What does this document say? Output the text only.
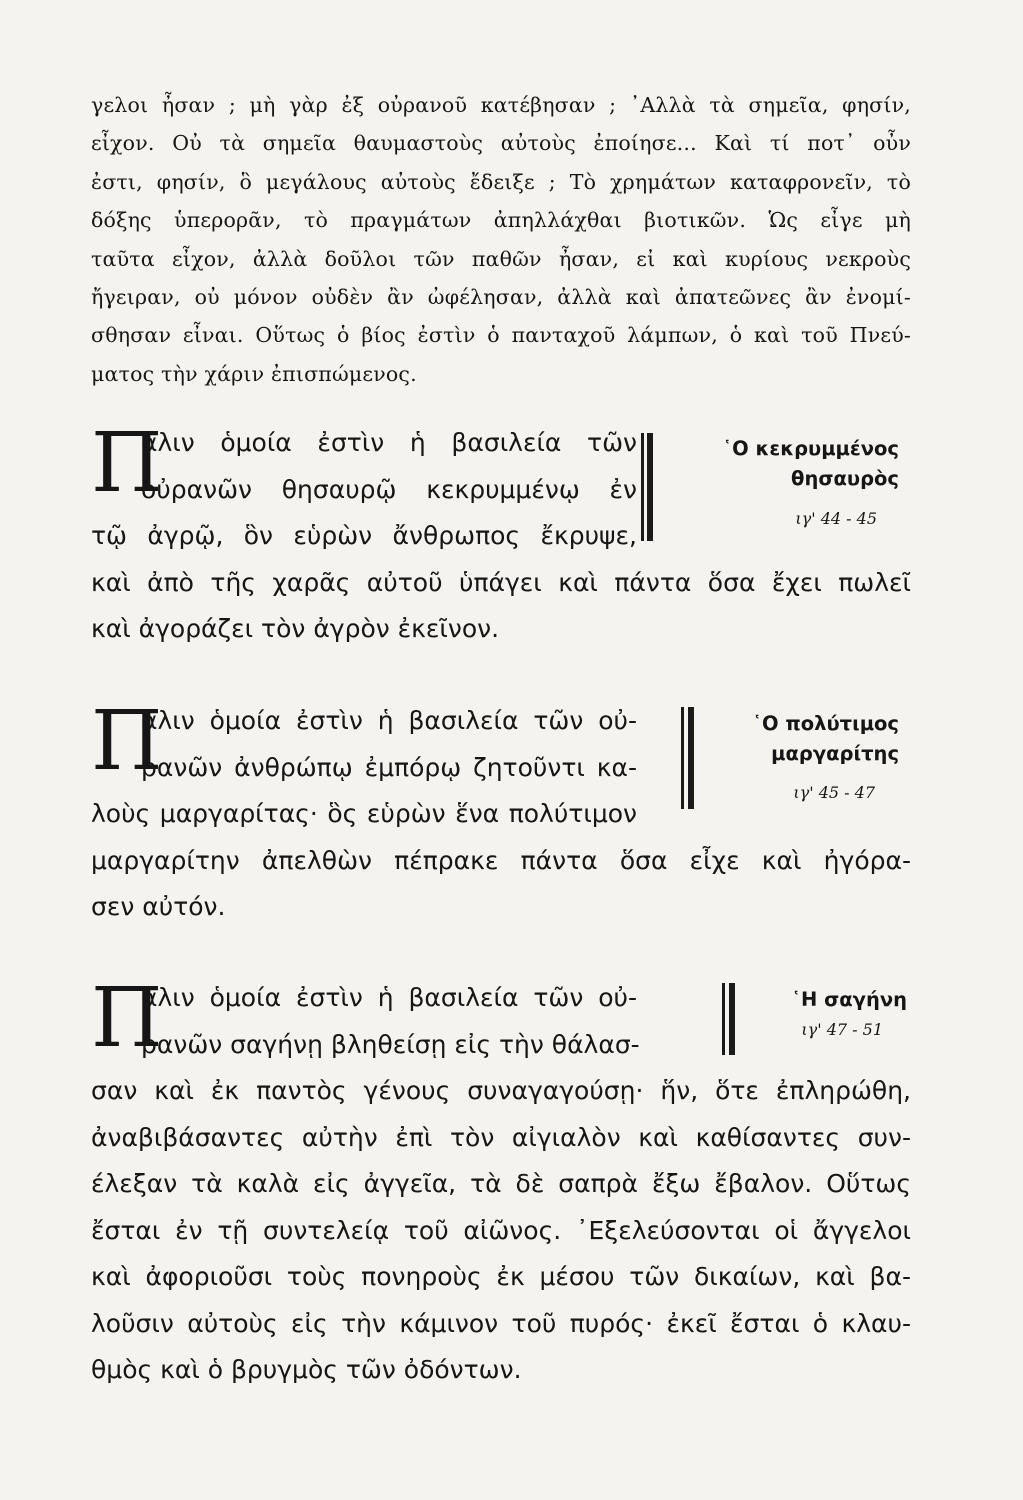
γελοι ἦσαν ; μὴ γὰρ ἐξ οὐρανοῦ κατέβησαν ; ᾿Αλλὰ τὰ σημεῖα, φησίν,
εἶχον. Οὐ τὰ σημεῖα θαυμαστοὺς αὐτοὺς ἐποίησε... Καὶ τί ποτ᾿ οὖν
ἐστι, φησίν, ὃ μεγάλους αὐτοὺς ἔδειξε ; Τὸ χρημάτων καταφρονεῖν, τὸ
δόξης ὑπερορᾶν, τὸ πραγμάτων ἀπηλλάχθαι βιοτικῶν. Ὡς εἶγε μὴ
ταῦτα εἶχον, ἀλλὰ δοῦλοι τῶν παθῶν ἦσαν, εἰ καὶ κυρίους νεκροὺς
ἤγειραν, οὐ μόνον οὐδὲν ἂν ὠφέλησαν, ἀλλὰ καὶ ἀπατεῶνες ἂν ἐνομί-
σθησαν εἶναι. Οὕτως ὁ βίος ἐστὶν ὁ πανταχοῦ λάμπων, ὁ καὶ τοῦ Πνεύ-
ματος τὴν χάριν ἐπισπώμενος.
Π
άλιν ὁμοία ἐστὶν ἡ βασιλεία τῶν
οὐρανῶν θησαυρῷ κεκρυμμένῳ ἐν
τῷ ἀγρῷ, ὃν εὑρὼν ἄνθρωπος ἔκρυψε,
καὶ ἀπὸ τῆς χαρᾶς αὐτοῦ ὑπάγει καὶ πάντα ὅσα ἔχει πωλεῖ
καὶ ἀγοράζει τὸν ἀγρὸν ἐκεῖνον.
῾Ο κεκρυμμένος
θησαυρὸς
ιγ' 44 - 45
Π
άλιν ὁμοία ἐστὶν ἡ βασιλεία τῶν οὐ-
ρανῶν ἀνθρώπῳ ἐμπόρῳ ζητοῦντι κα-
λοὺς μαργαρίτας· ὃς εὑρὼν ἕνα πολύτιμον
μαργαρίτην ἀπελθὼν πέπρακε πάντα ὅσα εἶχε καὶ ἠγόρα-
σεν αὐτόν.
῾Ο πολύτιμος
μαργαρίτης
ιγ' 45 - 47
Π
άλιν ὁμοία ἐστὶν ἡ βασιλεία τῶν οὐ-
ρανῶν σαγήνῃ βληθείσῃ εἰς τὴν θάλασ-
σαν καὶ ἐκ παντὸς γένους συναγαγούσῃ· ἥν, ὅτε ἐπληρώθη,
ἀναβιβάσαντες αὐτὴν ἐπὶ τὸν αἰγιαλὸν καὶ καθίσαντες συν-
έλεξαν τὰ καλὰ εἰς ἀγγεῖα, τὰ δὲ σαπρὰ ἔξω ἔβαλον. Οὕτως
ἔσται ἐν τῇ συντελείᾳ τοῦ αἰῶνος. ᾿Εξελεύσονται οἱ ἄγγελοι
καὶ ἀφοριοῦσι τοὺς πονηροὺς ἐκ μέσου τῶν δικαίων, καὶ βα-
λοῦσιν αὐτοὺς εἰς τὴν κάμινον τοῦ πυρός· ἐκεῖ ἔσται ὁ κλαυ-
θμὸς καὶ ὁ βρυγμὸς τῶν ὀδόντων.
῾Η σαγήνη
ιγ' 47 - 51
